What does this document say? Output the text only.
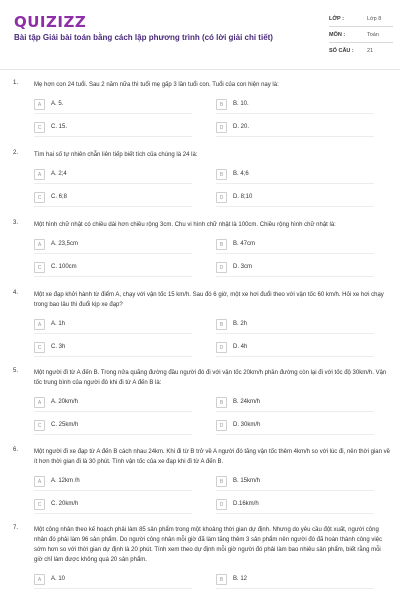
QUIZIZZ
Bài tập Giải bài toán bằng cách lập phương trình (có lời giải chi tiết)
LỚP :	Lớp 8
MÔN :	Toán
SỐ CÂU : 21
1.	Mẹ hơn con 24 tuổi. Sau 2 năm nữa thì tuổi mẹ gấp 3 lần tuổi con. Tuổi của con hiện nay là:
A	A. 5.	B	B. 10.
C	C. 15.	D	D. 20.
2.	Tìm hai số tự nhiên chẵn liên tiếp biết tích của chúng là 24 là:
A	A. 2;4	B	B. 4;6
C	C. 6;8	D	D. 8;10
3.	Một hình chữ nhật có chiều dài hơn chiều rộng 3cm. Chu vi hình chữ nhật là 100cm. Chiều rộng hình chữ nhật là:
A	A. 23,5cm	B	B. 47cm
C	C. 100cm	D	D. 3cm
4.	Một xe đạp khởi hành từ điểm A, chạy với vận tốc 15 km/h. Sau đó 6 giờ, một xe hơi đuổi theo với vận tốc 60 km/h. Hỏi xe hơi chạy trong bao lâu thì đuổi kịp xe đạp?
A	A. 1h	B	B. 2h
C	C. 3h	D	D. 4h
5.	Một người đi từ A đến B. Trong nửa quãng đường đầu người đó đi với vận tốc 20km/h phần đường còn lại đi với tốc độ 30km/h. Vận tốc trung bình của người đó khi đi từ A đến B là:
A	A. 20km/h	B	B. 24km/h
C	C. 25km/h	D	D. 30km/h
6.	Một người đi xe đạp từ A đến B cách nhau 24km. Khi đi từ B trở về A người đó tăng vận tốc thêm 4km/h so với lúc đi, nên thời gian về ít hơn thời gian đi là 30 phút. Tính vận tốc của xe đạp khi đi từ A đến B.
A	A. 12km /h	B	B. 15km/h
C	C. 20km/h	D	D.16km/h
7.	Một công nhân theo kế hoạch phải làm 85 sản phẩm trong một khoảng thời gian dự định. Nhưng do yêu cầu đột xuất, người công nhân đó phải làm 96 sản phẩm. Do người công nhân mỗi giờ đã làm tăng thêm 3 sản phẩm nên người đó đã hoàn thành công việc sớm hơn so với thời gian dự định là 20 phút. Tính xem theo dự định mỗi giờ người đó phải làm bao nhiêu sản phẩm, biết rằng mỗi giờ chỉ làm được không quá 20 sản phẩm.
A	A. 10	B	B. 12
